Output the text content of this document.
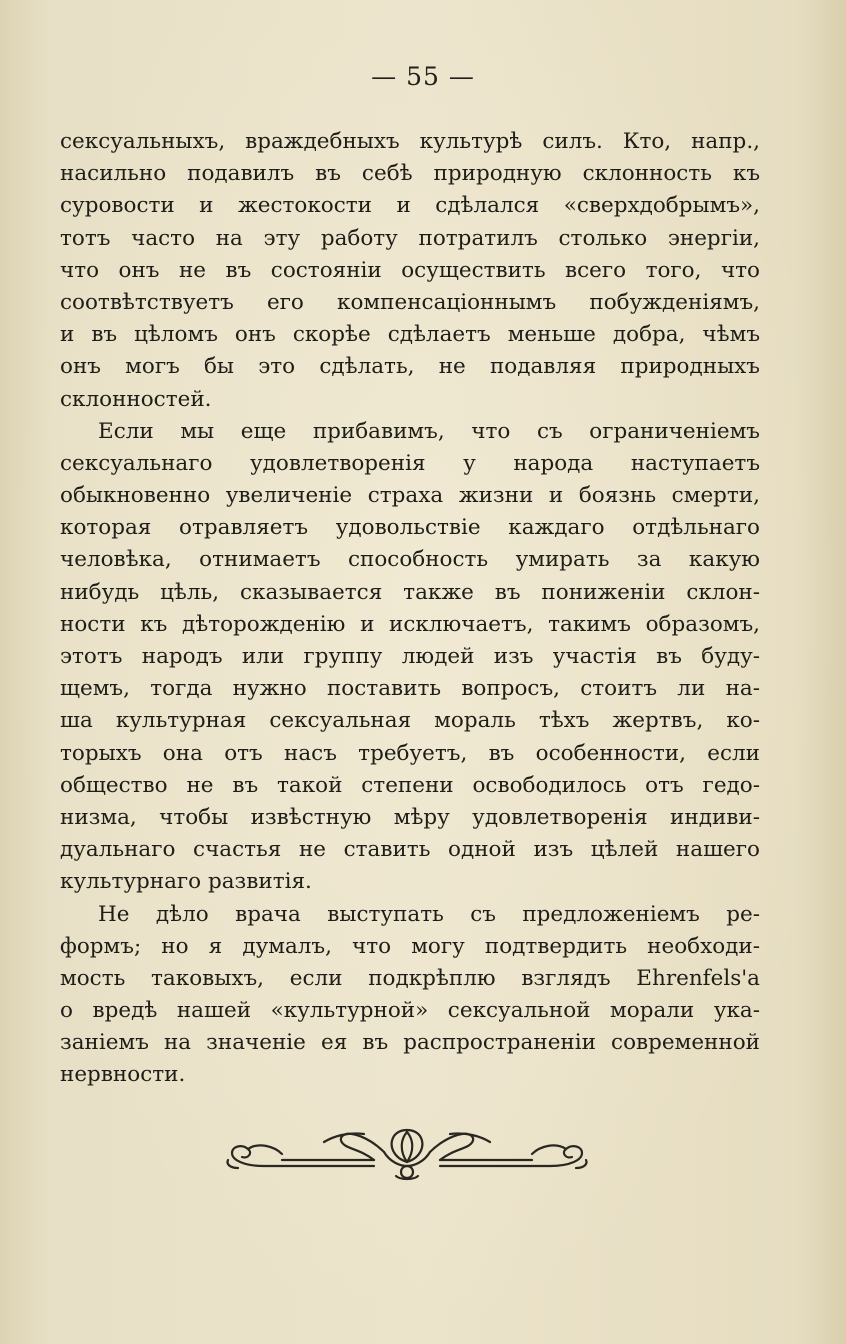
— 55 —
сексуальныхъ, враждебныхъ культурѣ силъ. Кто, напр.,
насильно подавилъ въ себѣ природную склонность къ
суровости и жестокости и сдѣлался «сверхдобрымъ»,
тотъ часто на эту работу потратилъ столько энергіи,
что онъ не въ состояніи осуществить всего того, что
соотвѣтствуетъ его компенсаціоннымъ побужденіямъ,
и въ цѣломъ онъ скорѣе сдѣлаетъ меньше добра, чѣмъ
онъ могъ бы это сдѣлать, не подавляя природныхъ
склонностей.
Если мы еще прибавимъ, что съ ограниченіемъ
сексуальнаго удовлетворенія у народа наступаетъ
обыкновенно увеличеніе страха жизни и боязнь смерти,
которая отравляетъ удовольствіе каждаго отдѣльнаго
человѣка, отнимаетъ способность умирать за какую
нибудь цѣль, сказывается также въ пониженіи склон-
ности къ дѣторожденію и исключаетъ, такимъ образомъ,
этотъ народъ или группу людей изъ участія въ буду-
щемъ, тогда нужно поставить вопросъ, стоитъ ли на-
ша культурная сексуальная мораль тѣхъ жертвъ, ко-
торыхъ она отъ насъ требуетъ, въ особенности, если
общество не въ такой степени освободилось отъ гедо-
низма, чтобы извѣстную мѣру удовлетворенія индиви-
дуальнаго счастья не ставить одной изъ цѣлей нашего
культурнаго развитія.
Не дѣло врача выступать съ предложеніемъ ре-
формъ; но я думалъ, что могу подтвердить необходи-
мость таковыхъ, если подкрѣплю взглядъ Ehrenfels'а
о вредѣ нашей «культурной» сексуальной морали ука-
заніемъ на значеніе ея въ распространеніи современной
нервности.
